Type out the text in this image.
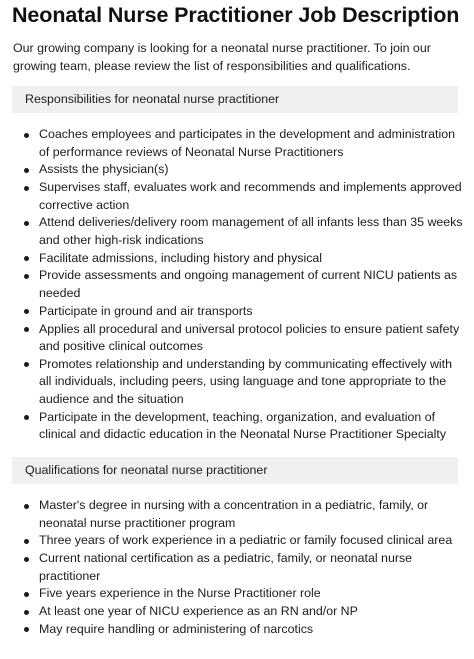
Neonatal Nurse Practitioner Job Description

Our growing company is looking for a neonatal nurse practitioner. To join our growing team, please review the list of responsibilities and qualifications.

Responsibilities for neonatal nurse practitioner
Coaches employees and participates in the development and administration of performance reviews of Neonatal Nurse Practitioners
Assists the physician(s)
Supervises staff, evaluates work and recommends and implements approved corrective action
Attend deliveries/delivery room management of all infants less than 35 weeks and other high-risk indications
Facilitate admissions, including history and physical
Provide assessments and ongoing management of current NICU patients as needed
Participate in ground and air transports
Applies all procedural and universal protocol policies to ensure patient safety and positive clinical outcomes
Promotes relationship and understanding by communicating effectively with all individuals, including peers, using language and tone appropriate to the audience and the situation
Participate in the development, teaching, organization, and evaluation of clinical and didactic education in the Neonatal Nurse Practitioner Specialty
Qualifications for neonatal nurse practitioner
Master's degree in nursing with a concentration in a pediatric, family, or neonatal nurse practitioner program
Three years of work experience in a pediatric or family focused clinical area
Current national certification as a pediatric, family, or neonatal nurse practitioner
Five years experience in the Nurse Practitioner role
At least one year of NICU experience as an RN and/or NP
May require handling or administering of narcotics
